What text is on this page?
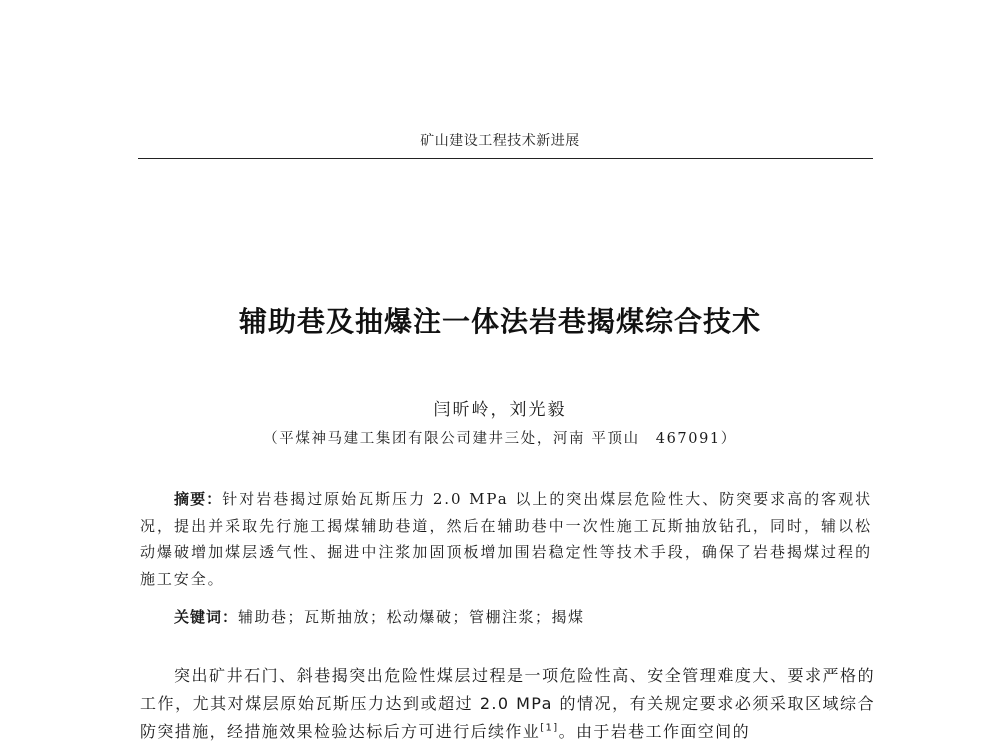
矿山建设工程技术新进展
辅助巷及抽爆注一体法岩巷揭煤综合技术
闫昕岭，刘光毅
（平煤神马建工集团有限公司建井三处，河南 平顶山　467091）

摘要：针对岩巷揭过原始瓦斯压力 2.0 MPa 以上的突出煤层危险性大、防突要求高的客观状况，提出并采取先行施工揭煤辅助巷道，然后在辅助巷中一次性施工瓦斯抽放钻孔，同时，辅以松动爆破增加煤层透气性、掘进中注浆加固顶板增加围岩稳定性等技术手段，确保了岩巷揭煤过程的施工安全。

关键词：辅助巷；瓦斯抽放；松动爆破；管棚注浆；揭煤

突出矿井石门、斜巷揭突出危险性煤层过程是一项危险性高、安全管理难度大、要求严格的工作，尤其对煤层原始瓦斯压力达到或超过 2.0 MPa 的情况，有关规定要求必须采取区域综合防突措施，经措施效果检验达标后方可进行后续作业[1]。由于岩巷工作面空间的
